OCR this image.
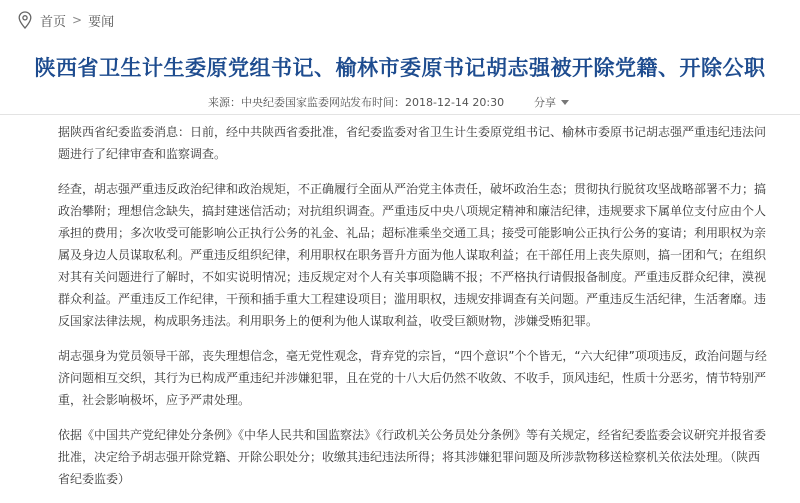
首页 > 要闻
陕西省卫生计生委原党组书记、榆林市委原书记胡志强被开除党籍、开除公职
来源：中央纪委国家监委网站 发布时间：2018-12-14 20:30	分享

据陕西省纪委监委消息：日前，经中共陕西省委批准，省纪委监委对省卫生计生委原党组书记、榆林市委原书记胡志强严重违纪违法问题进行了纪律审查和监察调查。

经查，胡志强严重违反政治纪律和政治规矩，不正确履行全面从严治党主体责任，破坏政治生态；贯彻执行脱贫攻坚战略部署不力；搞政治攀附；理想信念缺失，搞封建迷信活动；对抗组织调查。严重违反中央八项规定精神和廉洁纪律，违规要求下属单位支付应由个人承担的费用；多次收受可能影响公正执行公务的礼金、礼品；超标准乘坐交通工具；接受可能影响公正执行公务的宴请；利用职权为亲属及身边人员谋取私利。严重违反组织纪律，利用职权在职务晋升方面为他人谋取利益；在干部任用上丧失原则，搞一团和气；在组织对其有关问题进行了解时，不如实说明情况；违反规定对个人有关事项隐瞒不报；不严格执行请假报备制度。严重违反群众纪律，漠视群众利益。严重违反工作纪律，干预和插手重大工程建设项目；滥用职权，违规安排调查有关问题。严重违反生活纪律，生活奢靡。违反国家法律法规，构成职务违法。利用职务上的便利为他人谋取利益，收受巨额财物，涉嫌受贿犯罪。

胡志强身为党员领导干部，丧失理想信念，毫无党性观念，背弃党的宗旨，“四个意识”个个皆无，“六大纪律”项项违反，政治问题与经济问题相互交织，其行为已构成严重违纪并涉嫌犯罪，且在党的十八大后仍然不收敛、不收手，顶风违纪，性质十分恶劣，情节特别严重，社会影响极坏，应予严肃处理。

依据《中国共产党纪律处分条例》《中华人民共和国监察法》《行政机关公务员处分条例》等有关规定，经省纪委监委会议研究并报省委批准，决定给予胡志强开除党籍、开除公职处分；收缴其违纪违法所得；将其涉嫌犯罪问题及所涉款物移送检察机关依法处理。（陕西省纪委监委）
